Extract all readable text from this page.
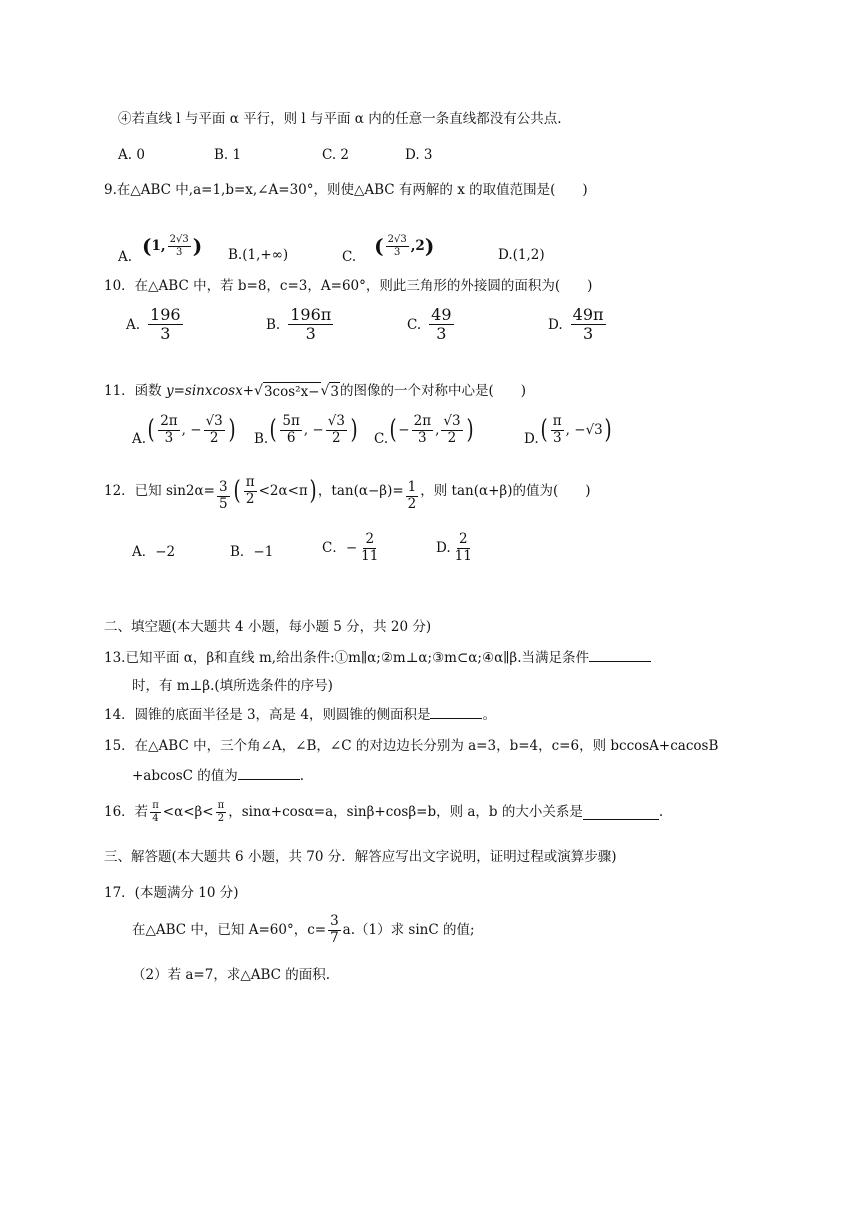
④若直线 l 与平面 α 平行，则 l 与平面 α 内的任意一条直线都没有公共点.
A. 0	B. 1	C. 2	D. 3
9.在△ABC 中,a=1,b=x,∠A=30°，则使△ABC 有两解的 x 的取值范围是(　　)
A. ( 1, $\frac{2√3}{3}$ ) B.(1,+∞)	C. ( $\frac{2√3}{3} ,2$ )	D.(1,2)
10．在△ABC 中，若 b=8，c=3，A=60°，则此三角形的外接圆的面积为(　　)
A. $\frac{196}{3}$	B. $\frac{196\pi}{3}$	C. $\frac{49}{3}$	D. $\frac{49\pi}{3}$
11．函数 y=sinxcosx+ √ 3cos²x− √ 3 的图像的一个对称中心是(　　)
A. ( $\frac{2\pi}{3}$ , − $\frac{√3}{2}$ ) B. ( $\frac{5\pi}{6}$ , − $\frac{√3}{2}$ ) C. ( − $\frac{2\pi}{3}$ , $\frac{√3}{2}$ )	D. ( $\frac{\pi}{3}$ , −√3 )
12．已知 $\sin 2\alpha= \frac{3}{5}$ ( $\frac{\pi}{2} <2\alpha<\pi$ ) ，$\tan(\alpha-\beta)= \frac{1}{2}$ ，则 tan(α+β)的值为(　　)
A．−2	B．−1	C．− $\frac{2}{11}$	D. $\frac{2}{11}$
二、填空题(本大题共 4 小题，每小题 5 分，共 20 分)
13.已知平面 α，β和直线 m,给出条件:①m∥α;②m⊥α;③m⊂α;④α∥β.当满足条件
时，有 m⊥β.(填所选条件的序号)
14．圆锥的底面半径是 3，高是 4，则圆锥的侧面积是	。
15．在△ABC 中，三个角∠A，∠B，∠C 的对边边长分别为 a=3，b=4，c=6，则 bccosA+cacosB
+abcosC 的值为	.
16．若 $\frac{\pi}{4} <\alpha<\beta< \frac{\pi}{2}$ ，sinα+cosα=a，sinβ+cosβ=b，则 a，b 的大小关系是	.
三、解答题(本大题共 6 小题，共 70 分．解答应写出文字说明，证明过程或演算步骤)
17．(本题满分 10 分)
在△ABC 中，已知 A=60°，$c= \frac{3}{7} a.(1)$求 sinC 的值;
（2）若 a=7，求△ABC 的面积.
